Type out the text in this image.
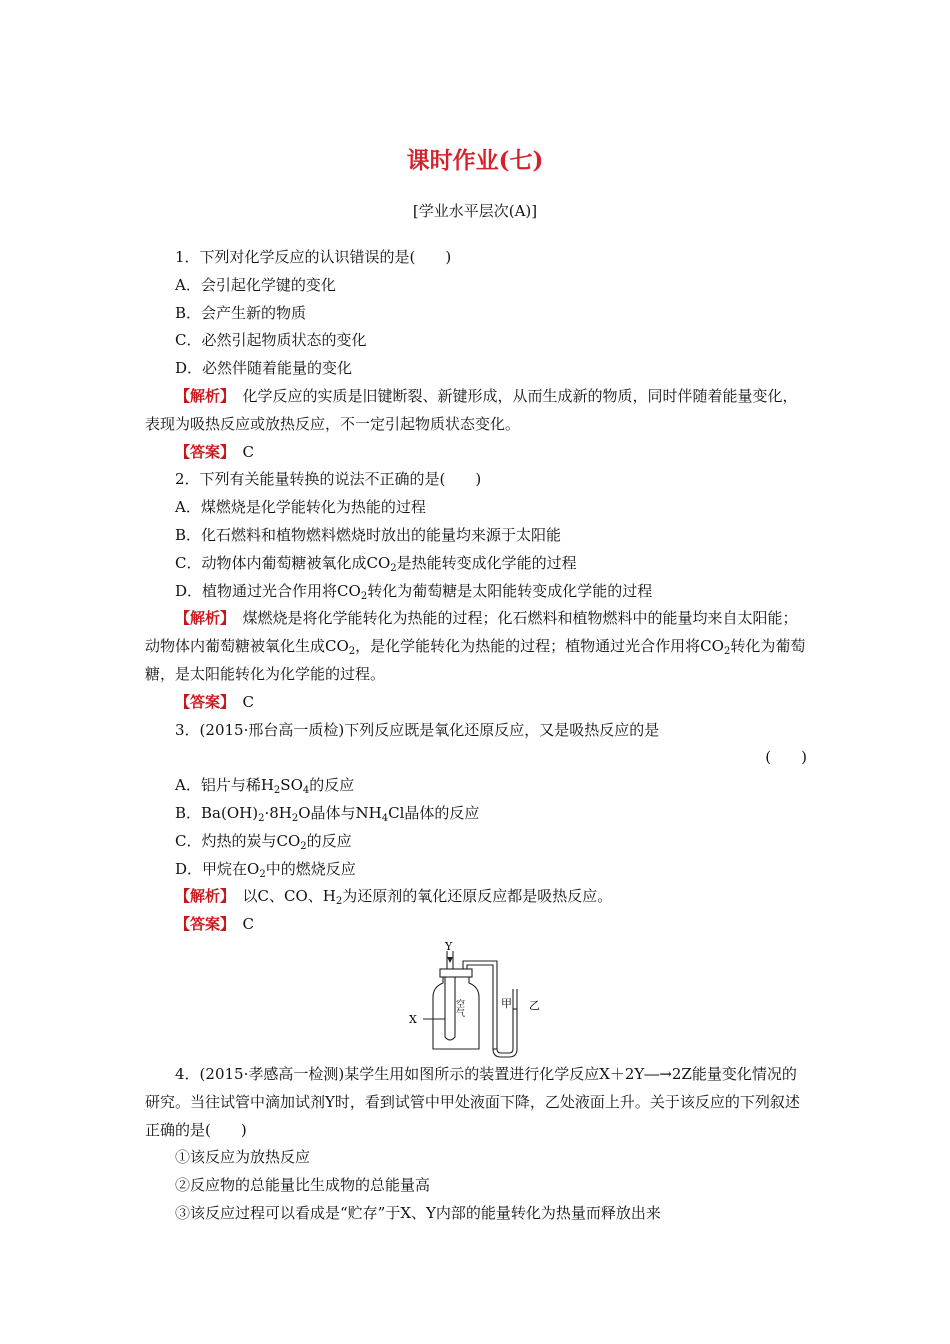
课时作业(七)
[学业水平层次(A)]

1．下列对化学反应的认识错误的是(　　)

A．会引起化学键的变化

B．会产生新的物质

C．必然引起物质状态的变化

D．必然伴随着能量的变化

【解析】　 化学反应的实质是旧键断裂、新键形成，从而生成新的物质，同时伴随着能量变化，表现为吸热反应或放热反应，不一定引起物质状态变化。

【答案】　 C

2．下列有关能量转换的说法不正确的是(　　)

A．煤燃烧是化学能转化为热能的过程

B．化石燃料和植物燃料燃烧时放出的能量均来源于太阳能

C．动物体内葡萄糖被氧化成$CO_2$是热能转变成化学能的过程

D．植物通过光合作用将$CO_2$转化为葡萄糖是太阳能转变成化学能的过程

【解析】　 煤燃烧是将化学能转化为热能的过程；化石燃料和植物燃料中的能量均来自太阳能；动物体内葡萄糖被氧化生成$CO_2$，是化学能转化为热能的过程；植物通过光合作用将$CO_2$转化为葡萄糖，是太阳能转化为化学能的过程。

【答案】　 C

3．(2015·邢台高一质检)下列反应既是氧化还原反应，又是吸热反应的是

(　　)

A．铝片与稀$H_2SO_4$的反应

B．$Ba(OH)_2\cdot 8H_2O$晶体与$NH_4Cl$晶体的反应

C．灼热的炭与$CO_2$的反应

D．甲烷在$O_2$中的燃烧反应

【解析】　 以C、CO、$H_2$为还原剂的氧化还原反应都是吸热反应。

【答案】　 C

Y
X
空气	甲 乙

4．(2015·孝感高一检测)某学生用如图所示的装置进行化学反应X＋2Y―→2Z能量变化情况的研究。当往试管中滴加试剂Y时，看到试管中甲处液面下降，乙处液面上升。关于该反应的下列叙述正确的是(　　)

①该反应为放热反应

②反应物的总能量比生成物的总能量高

③该反应过程可以看成是“贮存”于X、Y内部的能量转化为热量而释放出来
